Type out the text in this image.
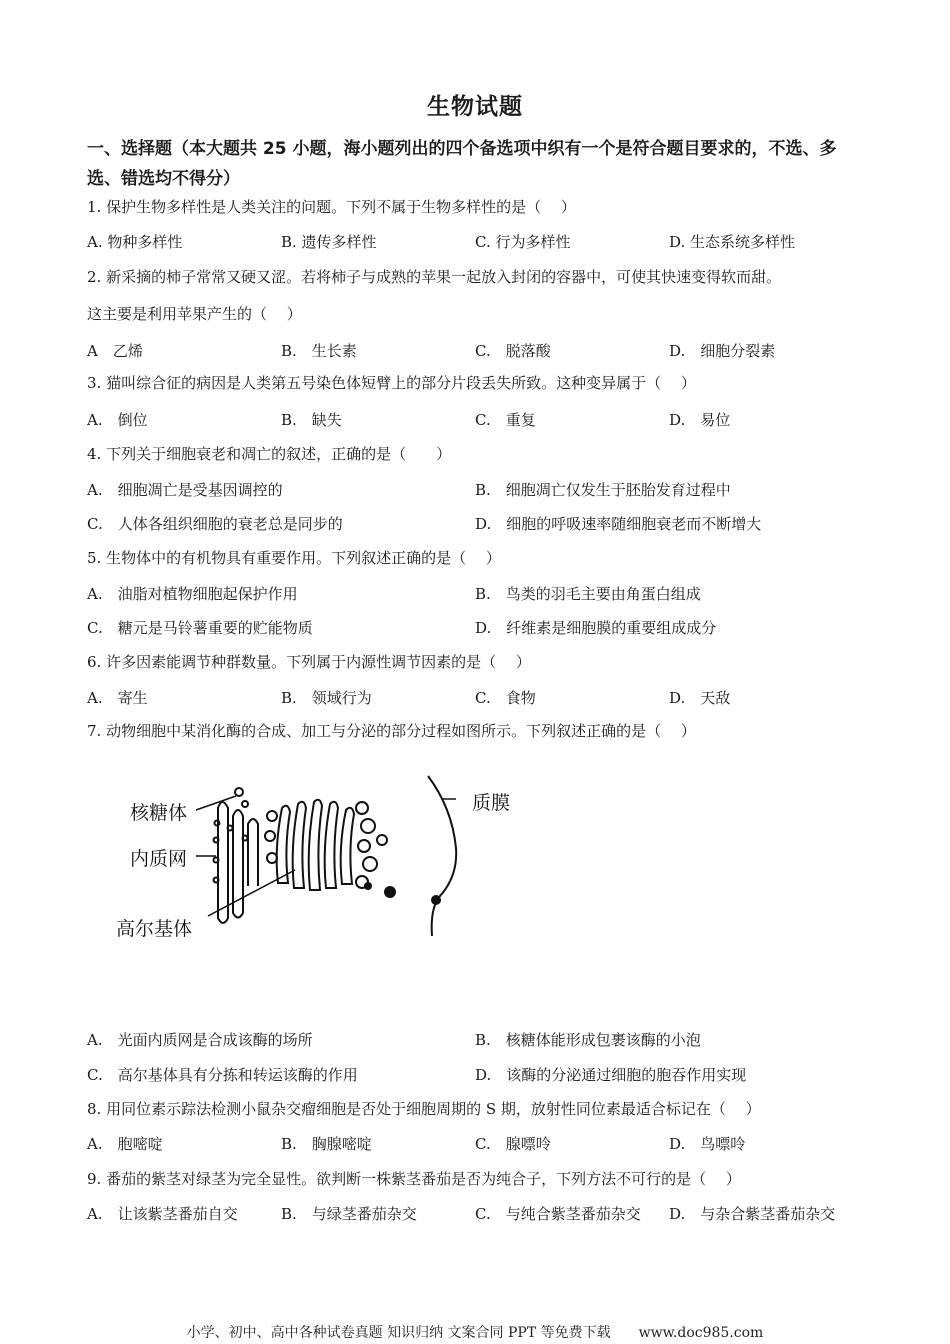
生物试题
一、选择题（本大题共 25 小题，海小题列出的四个备选项中织有一个是符合题目要求的，不选、多选、错选均不得分）
1. 保护生物多样性是人类关注的问题。下列不属于生物多样性的是（　 ）
A. 物种多样性	B. 遗传多样性	C. 行为多样性	D. 生态系统多样性
2. 新采摘的柿子常常又硬又涩。若将柿子与成熟的苹果一起放入封闭的容器中，可使其快速变得软而甜。
这主要是利用苹果产生的（　 ）
A　乙烯	B.　生长素	C.　脱落酸	D.　细胞分裂素
3. 猫叫综合征的病因是人类第五号染色体短臂上的部分片段丢失所致。这种变异属于（　 ）
A.　倒位	B.　缺失	C.　重复	D.　易位
4. 下列关于细胞衰老和凋亡的叙述，正确的是（　　）
A.　细胞凋亡是受基因调控的	B.　细胞凋亡仅发生于胚胎发育过程中
C.　人体各组织细胞的衰老总是同步的	D.　细胞的呼吸速率随细胞衰老而不断增大
5. 生物体中的有机物具有重要作用。下列叙述正确的是（　 ）
A.　油脂对植物细胞起保护作用	B.　鸟类的羽毛主要由角蛋白组成
C.　糖元是马铃薯重要的贮能物质	D.　纤维素是细胞膜的重要组成成分
6. 许多因素能调节种群数量。下列属于内源性调节因素的是（　 ）
A.　寄生	B.　领域行为	C.　食物	D.　天敌
7. 动物细胞中某消化酶的合成、加工与分泌的部分过程如图所示。下列叙述正确的是（　 ）
核糖体
内质网
高尔基体
质膜
A.　光面内质网是合成该酶的场所	B.　核糖体能形成包裹该酶的小泡
C.　高尔基体具有分拣和转运该酶的作用	D.　该酶的分泌通过细胞的胞吞作用实现
8. 用同位素示踪法检测小鼠杂交瘤细胞是否处于细胞周期的 S 期，放射性同位素最适合标记在（　 ）
A.　胞嘧啶	B.　胸腺嘧啶	C.　腺嘌呤	D.　鸟嘌呤
9. 番茄的紫茎对绿茎为完全显性。欲判断一株紫茎番茄是否为纯合子，下列方法不可行的是（　 ）
A.　让该紫茎番茄自交	B.　与绿茎番茄杂交	C.　与纯合紫茎番茄杂交 D.　与杂合紫茎番茄杂交
小学、初中、高中各种试卷真题 知识归纳 文案合同 PPT 等免费下载　　www.doc985.com
